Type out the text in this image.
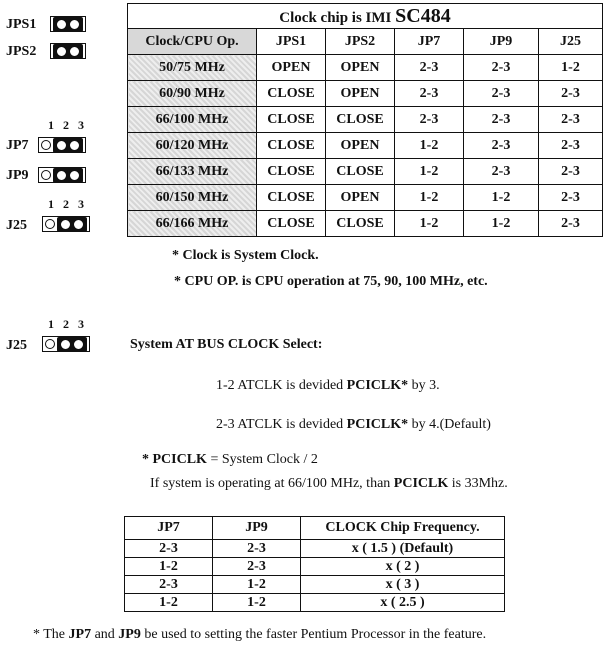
JPS1
JPS2
1 2 3
JP7
JP9
1 2 3
J25
Clock chip is IMI SC484					
Clock/CPU Op.	JPS1	JPS2	JP7	JP9	J25
50/75 MHz	OPEN	OPEN	2-3	2-3	1-2
60/90 MHz	CLOSE	OPEN	2-3	2-3	2-3
66/100 MHz	CLOSE	CLOSE	2-3	2-3	2-3
60/120 MHz	CLOSE	OPEN	1-2	2-3	2-3
66/133 MHz	CLOSE	CLOSE	1-2	2-3	2-3
60/150 MHz	CLOSE	OPEN	1-2	1-2	2-3
66/166 MHz	CLOSE	CLOSE	1-2	1-2	2-3
* Clock is System Clock.
* CPU OP. is CPU operation at 75, 90, 100 MHz, etc.
1 2 3
J25	System AT BUS CLOCK Select:
1-2 ATCLK is devided PCICLK* by 3.
2-3 ATCLK is devided PCICLK* by 4.(Default)
* PCICLK = System Clock / 2
If system is operating at 66/100 MHz, than PCICLK is 33Mhz.
JP7	JP9	CLOCK Chip Frequency.
2-3	2-3	x ( 1.5 ) (Default)
1-2	2-3	x ( 2 )
2-3	1-2	x ( 3 )
1-2	1-2	x ( 2.5 )
* The JP7 and JP9 be used to setting the faster Pentium Processor in the feature.
